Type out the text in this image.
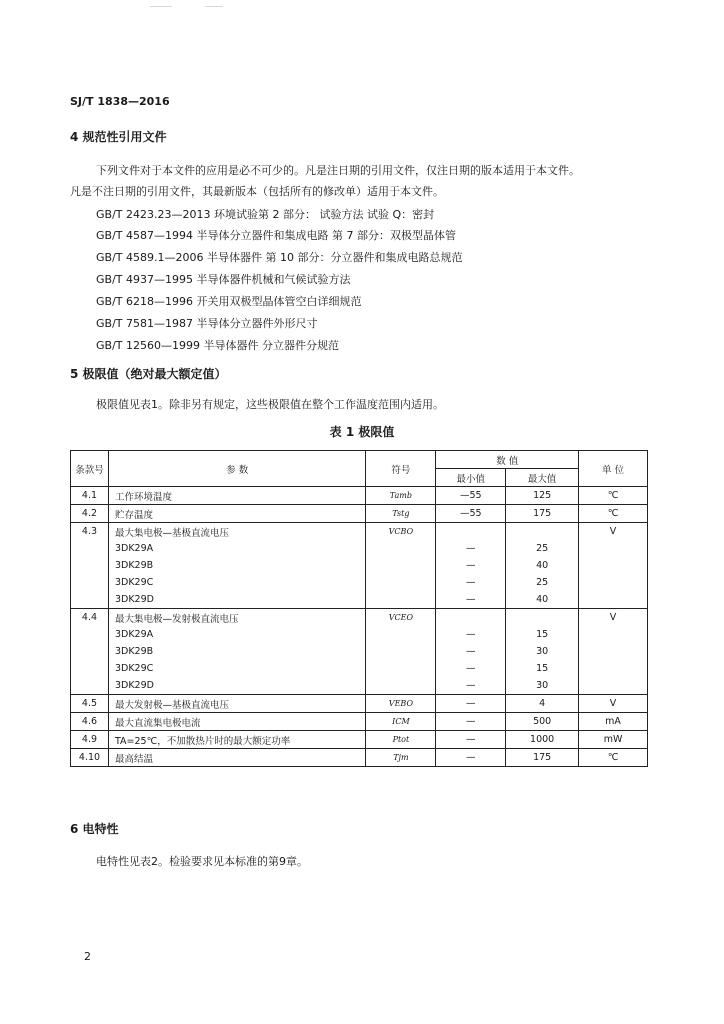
SJ/T 1838—2016
4 规范性引用文件
下列文件对于本文件的应用是必不可少的。凡是注日期的引用文件，仅注日期的版本适用于本文件。
凡是不注日期的引用文件，其最新版本（包括所有的修改单）适用于本文件。
GB/T 2423.23—2013 环境试验第 2 部分： 试验方法 试验 Q：密封
GB/T 4587—1994 半导体分立器件和集成电路 第 7 部分：双极型晶体管
GB/T 4589.1—2006 半导体器件 第 10 部分：分立器件和集成电路总规范
GB/T 4937—1995 半导体器件机械和气候试验方法
GB/T 6218—1996 开关用双极型晶体管空白详细规范
GB/T 7581—1987 半导体分立器件外形尺寸
GB/T 12560—1999 半导体器件 分立器件分规范
5 极限值（绝对最大额定值）
极限值见表1。除非另有规定，这些极限值在整个工作温度范围内适用。
表 1 极限值
条款号	参 数	符号	数 值		单 位
			最小值	最大值	
4.1	工作环境温度	Tamb	—55	125	℃
4.2	贮存温度	Tstg	—55	175	℃
4.3	最大集电极—基极直流电压	VCBO			V
	3DK29A		—	25	
	3DK29B		—	40	
	3DK29C		—	25	
	3DK29D		—	40	
4.4	最大集电极—发射极直流电压	VCEO			V
	3DK29A		—	15	
	3DK29B		—	30	
	3DK29C		—	15	
	3DK29D		—	30	
4.5	最大发射极—基极直流电压	VEBO	—	4	V
4.6	最大直流集电极电流	ICM	—	500	mA
4.9	TA=25℃，不加散热片时的最大额定功率	Ptot	—	1000	mW
4.10	最高结温	Tjm	—	175	℃
6 电特性
电特性见表2。检验要求见本标准的第9章。
2
